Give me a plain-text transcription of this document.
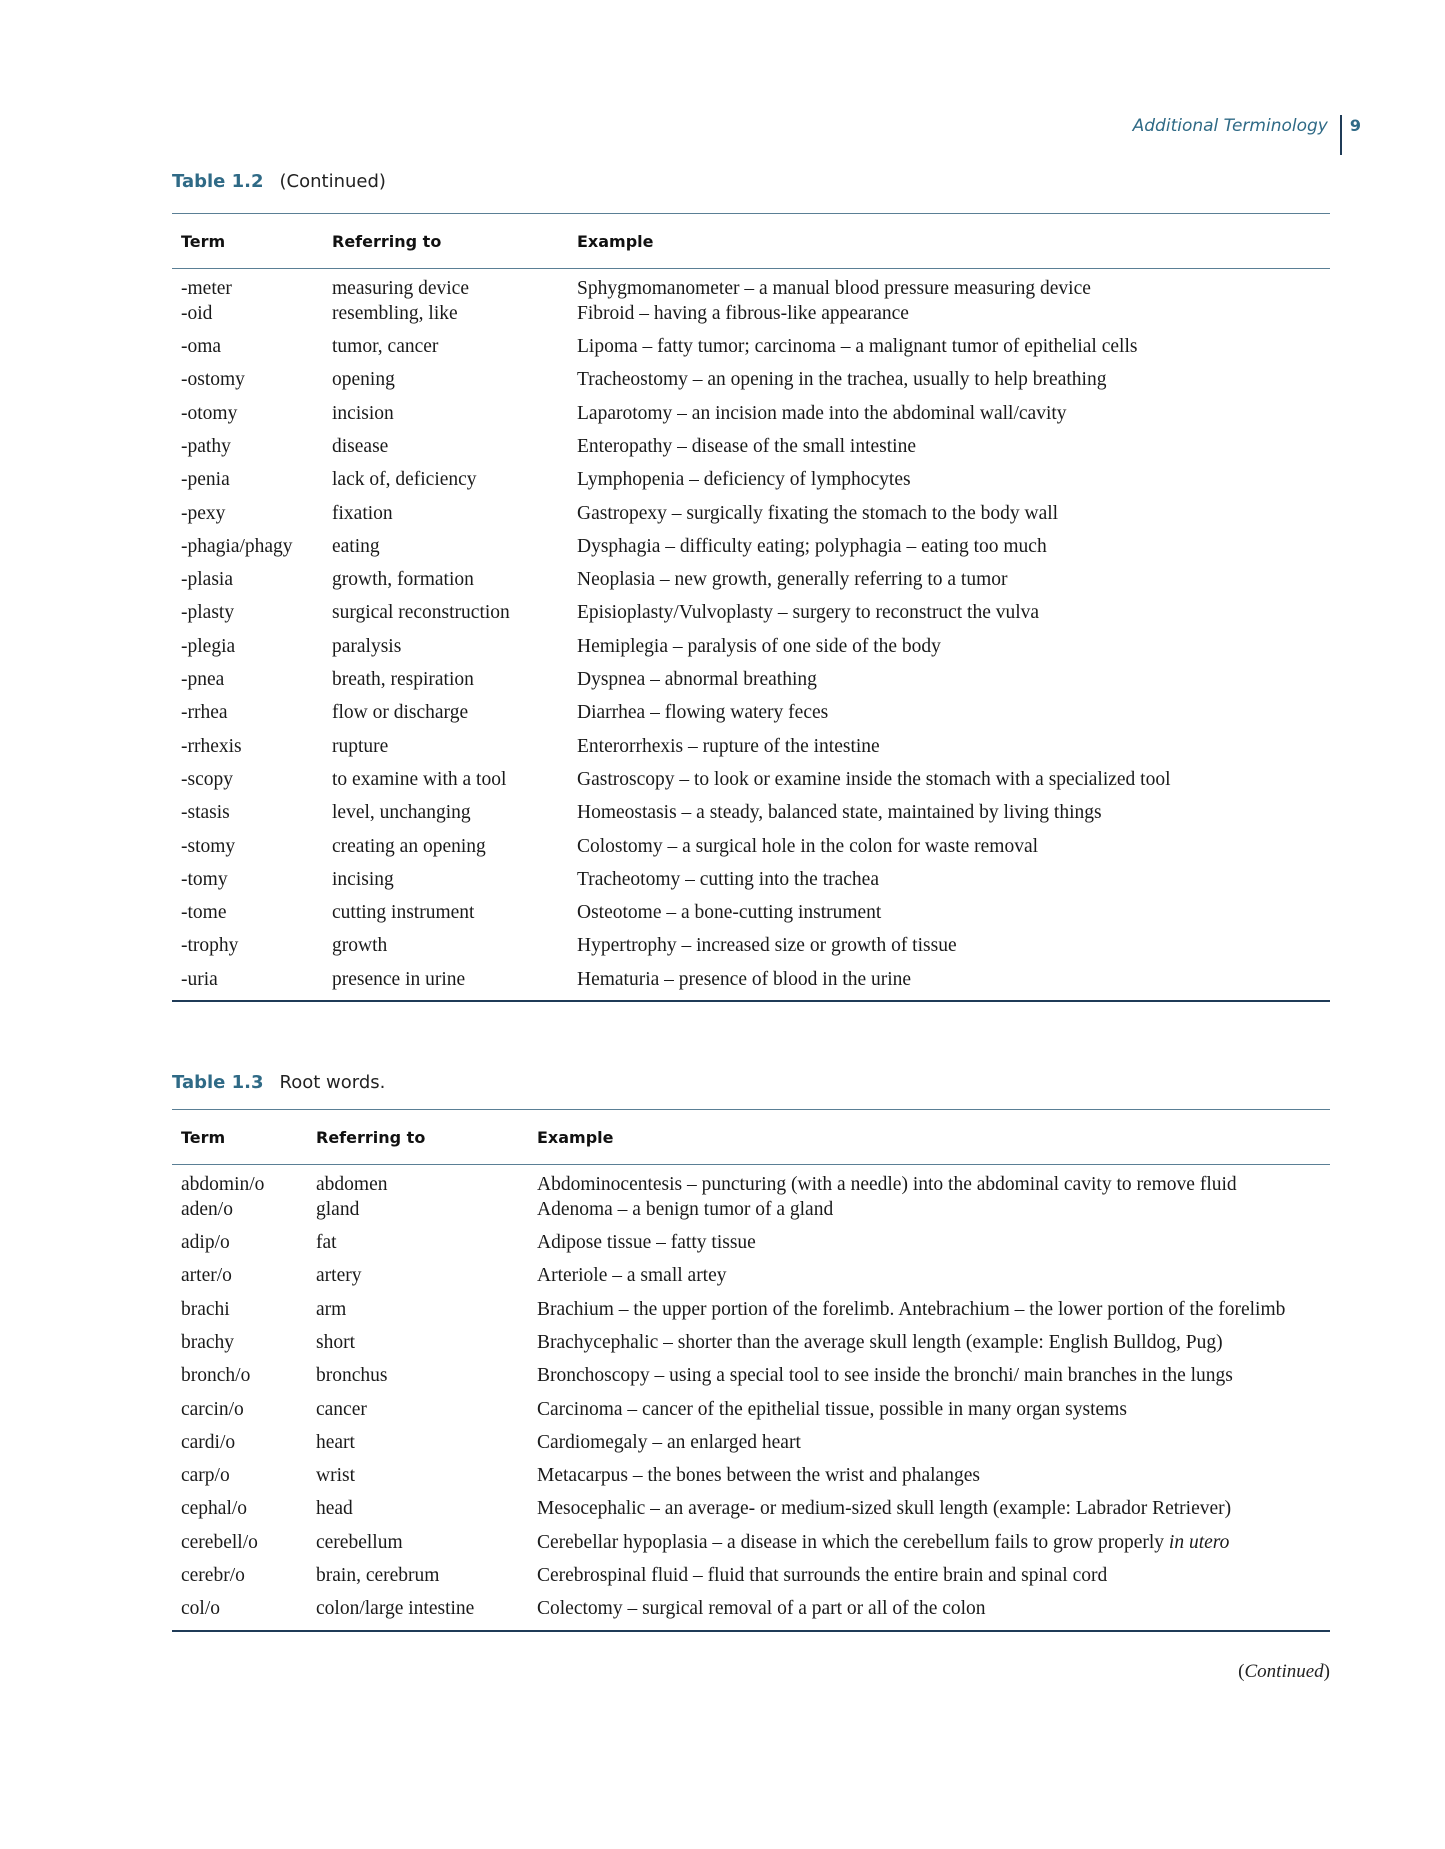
Additional Terminology 9
Table 1.2 (Continued)
Term	Referring to	Example
-meter	measuring device	Sphygmomanometer – a manual blood pressure measuring device
-oid	resembling, like	Fibroid – having a fibrous-like appearance
-oma	tumor, cancer	Lipoma – fatty tumor; carcinoma – a malignant tumor of epithelial cells
-ostomy	opening	Tracheostomy – an opening in the trachea, usually to help breathing
-otomy	incision	Laparotomy – an incision made into the abdominal wall/cavity
-pathy	disease	Enteropathy – disease of the small intestine
-penia	lack of, deficiency	Lymphopenia – deficiency of lymphocytes
-pexy	fixation	Gastropexy – surgically fixating the stomach to the body wall
-phagia/phagy	eating	Dysphagia – difficulty eating; polyphagia – eating too much
-plasia	growth, formation	Neoplasia – new growth, generally referring to a tumor
-plasty	surgical reconstruction	Episioplasty/Vulvoplasty – surgery to reconstruct the vulva
-plegia	paralysis	Hemiplegia – paralysis of one side of the body
-pnea	breath, respiration	Dyspnea – abnormal breathing
-rrhea	flow or discharge	Diarrhea – flowing watery feces
-rrhexis	rupture	Enterorrhexis – rupture of the intestine
-scopy	to examine with a tool	Gastroscopy – to look or examine inside the stomach with a specialized tool
-stasis	level, unchanging	Homeostasis – a steady, balanced state, maintained by living things
-stomy	creating an opening	Colostomy – a surgical hole in the colon for waste removal
-tomy	incising	Tracheotomy – cutting into the trachea
-tome	cutting instrument	Osteotome – a bone-cutting instrument
-trophy	growth	Hypertrophy – increased size or growth of tissue
-uria	presence in urine	Hematuria – presence of blood in the urine
Table 1.3 Root words.
Term	Referring to	Example
abdomin/o	abdomen	Abdominocentesis – puncturing (with a needle) into the abdominal cavity to remove fluid
aden/o	gland	Adenoma – a benign tumor of a gland
adip/o	fat	Adipose tissue – fatty tissue
arter/o	artery	Arteriole – a small artey
brachi	arm	Brachium – the upper portion of the forelimb. Antebrachium – the lower portion of the forelimb
brachy	short	Brachycephalic – shorter than the average skull length (example: English Bulldog, Pug)
bronch/o	bronchus	Bronchoscopy – using a special tool to see inside the bronchi/ main branches in the lungs
carcin/o	cancer	Carcinoma – cancer of the epithelial tissue, possible in many organ systems
cardi/o	heart	Cardiomegaly – an enlarged heart
carp/o	wrist	Metacarpus – the bones between the wrist and phalanges
cephal/o	head	Mesocephalic – an average- or medium-sized skull length (example: Labrador Retriever)
cerebell/o	cerebellum	Cerebellar hypoplasia – a disease in which the cerebellum fails to grow properly in utero
cerebr/o	brain, cerebrum	Cerebrospinal fluid – fluid that surrounds the entire brain and spinal cord
col/o	colon/large intestine	Colectomy – surgical removal of a part or all of the colon
(Continued)
